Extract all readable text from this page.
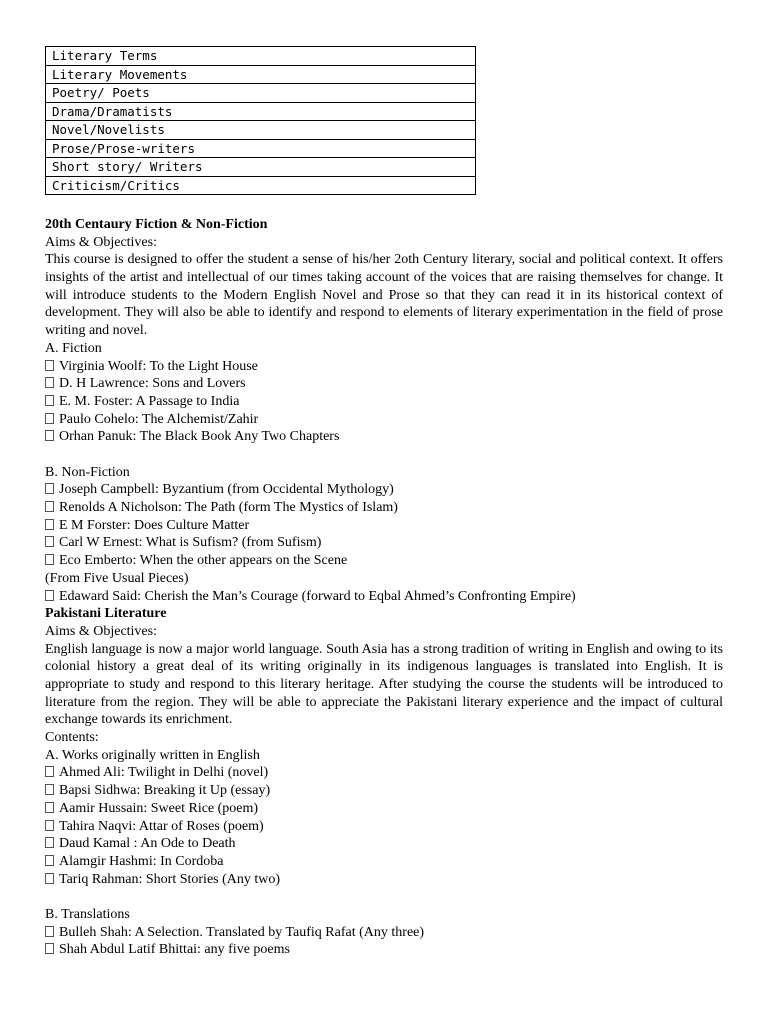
Literary Terms
Literary Movements
Poetry/ Poets
Drama/Dramatists
Novel/Novelists
Prose/Prose-writers
Short story/ Writers
Criticism/Critics
20th Centaury Fiction & Non-Fiction
Aims & Objectives:
This course is designed to offer the student a sense of his/her 2oth Century literary, social and political context. It offers insights of the artist and intellectual of our times taking account of the voices that are raising themselves for change. It will introduce students to the Modern English Novel and Prose so that they can read it in its historical context of development. They will also be able to identify and respond to elements of literary experimentation in the field of prose writing and novel.
A. Fiction
Virginia Woolf: To the Light House
D. H Lawrence: Sons and Lovers
E. M. Foster: A Passage to India
Paulo Cohelo: The Alchemist/Zahir
Orhan Panuk: The Black Book Any Two Chapters
B. Non-Fiction
Joseph Campbell: Byzantium (from Occidental Mythology)
Renolds A Nicholson: The Path (form The Mystics of Islam)
E M Forster: Does Culture Matter
Carl W Ernest: What is Sufism? (from Sufism)
Eco Emberto: When the other appears on the Scene
(From Five Usual Pieces)
Edaward Said: Cherish the Man’s Courage (forward to Eqbal Ahmed’s Confronting Empire)
Pakistani Literature
Aims & Objectives:
English language is now a major world language. South Asia has a strong tradition of writing in English and owing to its colonial history a great deal of its writing originally in its indigenous languages is translated into English. It is appropriate to study and respond to this literary heritage. After studying the course the students will be introduced to literature from the region. They will be able to appreciate the Pakistani literary experience and the impact of cultural exchange towards its enrichment.
Contents:
A. Works originally written in English
Ahmed Ali: Twilight in Delhi (novel)
Bapsi Sidhwa: Breaking it Up (essay)
Aamir Hussain: Sweet Rice (poem)
Tahira Naqvi: Attar of Roses (poem)
Daud Kamal : An Ode to Death
Alamgir Hashmi: In Cordoba
Tariq Rahman: Short Stories (Any two)
B. Translations
Bulleh Shah: A Selection. Translated by Taufiq Rafat (Any three)
Shah Abdul Latif Bhittai: any five poems
